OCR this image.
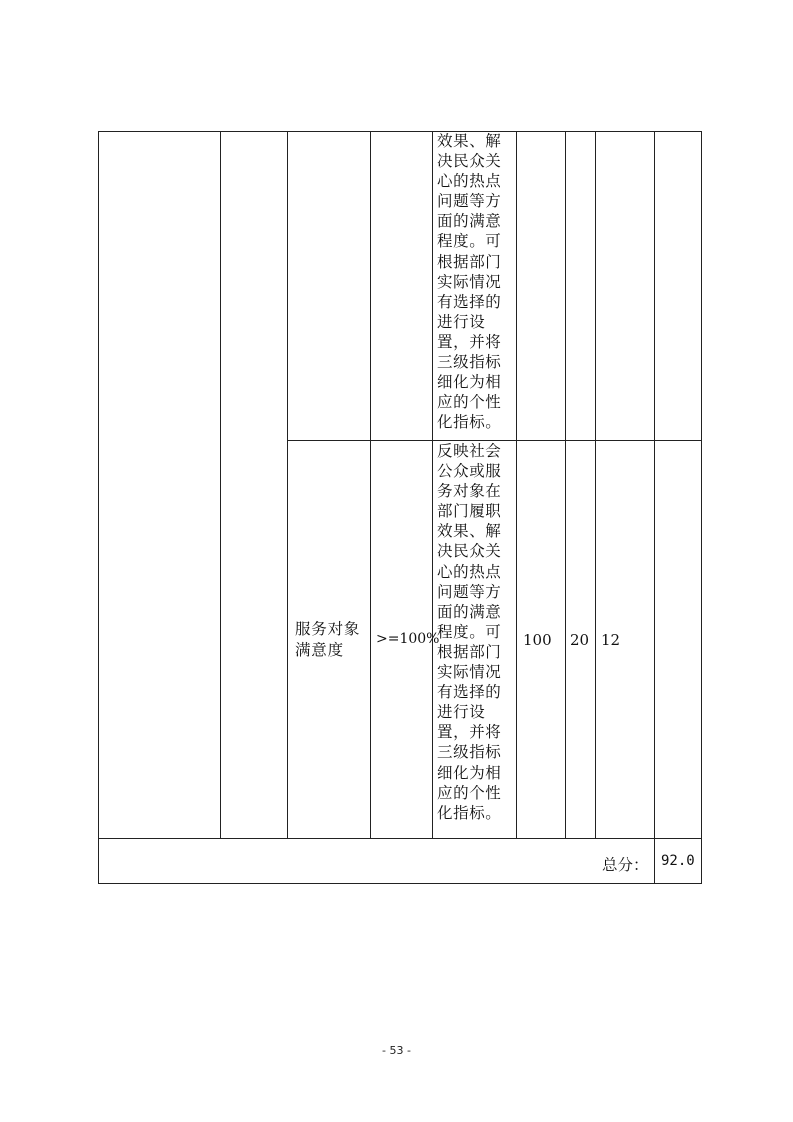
效果、解
决民众关
心的热点
问题等方
面的满意
程度。可
根据部门
实际情况
有选择的
进行设
置，并将
三级指标
细化为相
应的个性
化指标。
服务对象
满意度
>=100%
反映社会
公众或服
务对象在
部门履职
效果、解
决民众关
心的热点
问题等方
面的满意
程度。可
根据部门
实际情况
有选择的
进行设
置，并将
三级指标
细化为相
应的个性
化指标。
100 20 12
总分： 92.0
- 53 -
